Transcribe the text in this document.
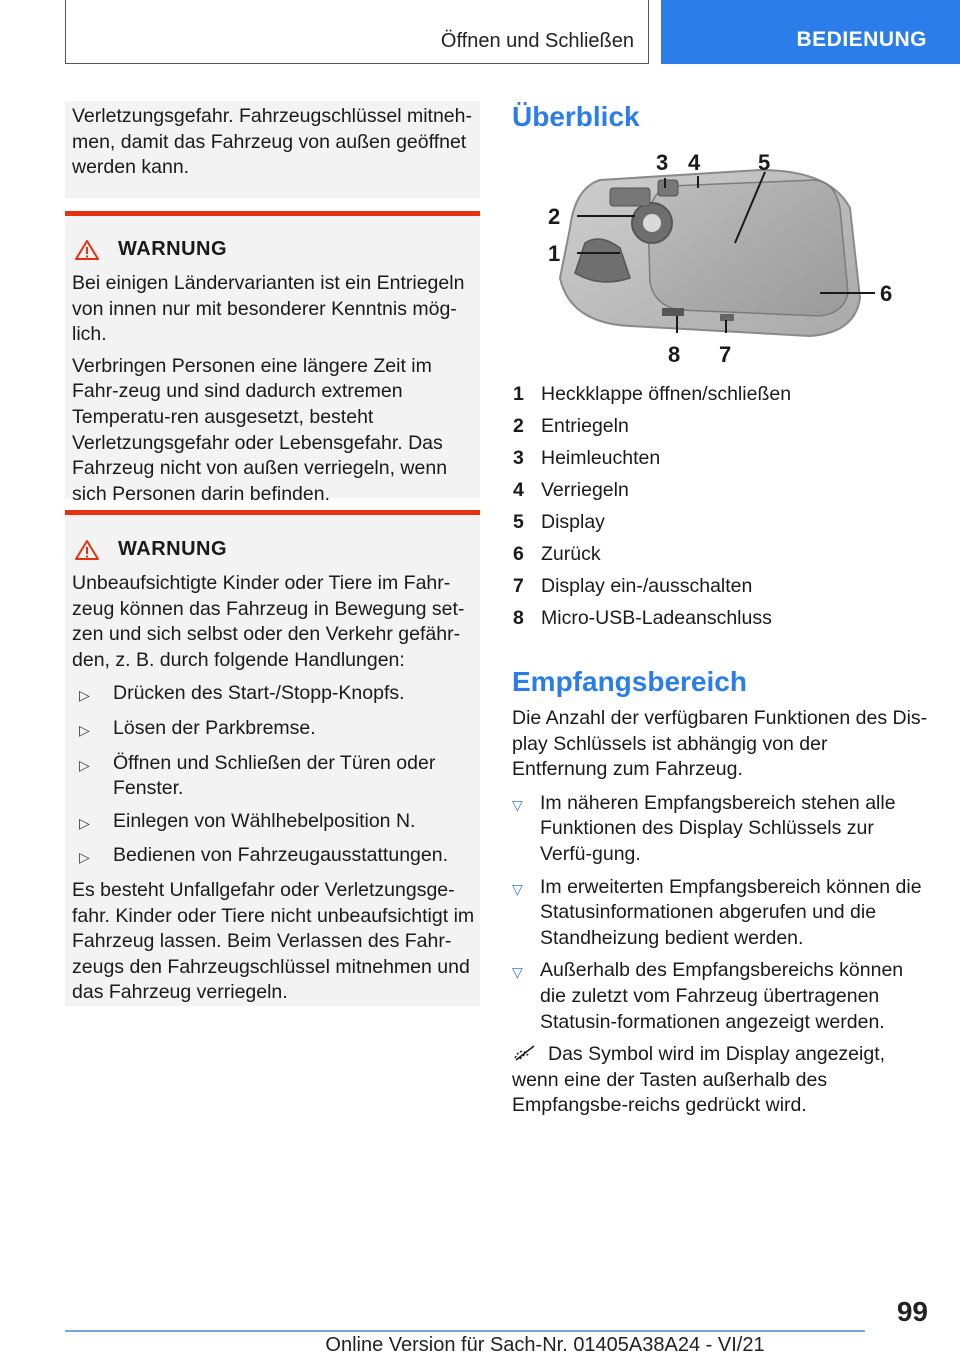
Öffnen und Schließen	BEDIENUNG
Verletzungsgefahr. Fahrzeugschlüssel mitneh-men, damit das Fahrzeug von außen geöffnet werden kann.
WARNUNG

Bei einigen Ländervarianten ist ein Entriegeln von innen nur mit besonderer Kenntnis mög-lich.

Verbringen Personen eine längere Zeit im Fahr-zeug und sind dadurch extremen Temperatu-ren ausgesetzt, besteht Verletzungsgefahr oder Lebensgefahr. Das Fahrzeug nicht von außen verriegeln, wenn sich Personen darin befinden.

WARNUNG

Unbeaufsichtigte Kinder oder Tiere im Fahr-zeug können das Fahrzeug in Bewegung set-zen und sich selbst oder den Verkehr gefähr-den, z. B. durch folgende Handlungen:

▷	Drücken des Start-/Stopp-Knopfs.
▷	Lösen der Parkbremse.
▷	Öffnen und Schließen der Türen oder Fenster.
▷	Einlegen von Wählhebelposition N.
▷	Bedienen von Fahrzeugausstattungen.

Es besteht Unfallgefahr oder Verletzungsge-fahr. Kinder oder Tiere nicht unbeaufsichtigt im Fahrzeug lassen. Beim Verlassen des Fahr-zeugs den Fahrzeugschlüssel mitnehmen und das Fahrzeug verriegeln.

Überblick
1
2
3 4	5
6
7
8
1 Heckklappe öffnen/schließen
2 Entriegeln
3 Heimleuchten
4 Verriegeln
5 Display
6 Zurück
7 Display ein-/ausschalten
8 Micro-USB-Ladeanschluss
Empfangsbereich

Die Anzahl der verfügbaren Funktionen des Dis-play Schlüssels ist abhängig von der Entfernung zum Fahrzeug.

▽ Im näheren Empfangsbereich stehen alle Funktionen des Display Schlüssels zur Verfü-gung.
▽ Im erweiterten Empfangsbereich können die Statusinformationen abgerufen und die Standheizung bedient werden.
▽ Außerhalb des Empfangsbereichs können die zuletzt vom Fahrzeug übertragenen Statusin-formationen angezeigt werden.

Das Symbol wird im Display angezeigt, wenn eine der Tasten außerhalb des Empfangsbe-reichs gedrückt wird.

99
Online Version für Sach-Nr. 01405A38A24 - VI/21
